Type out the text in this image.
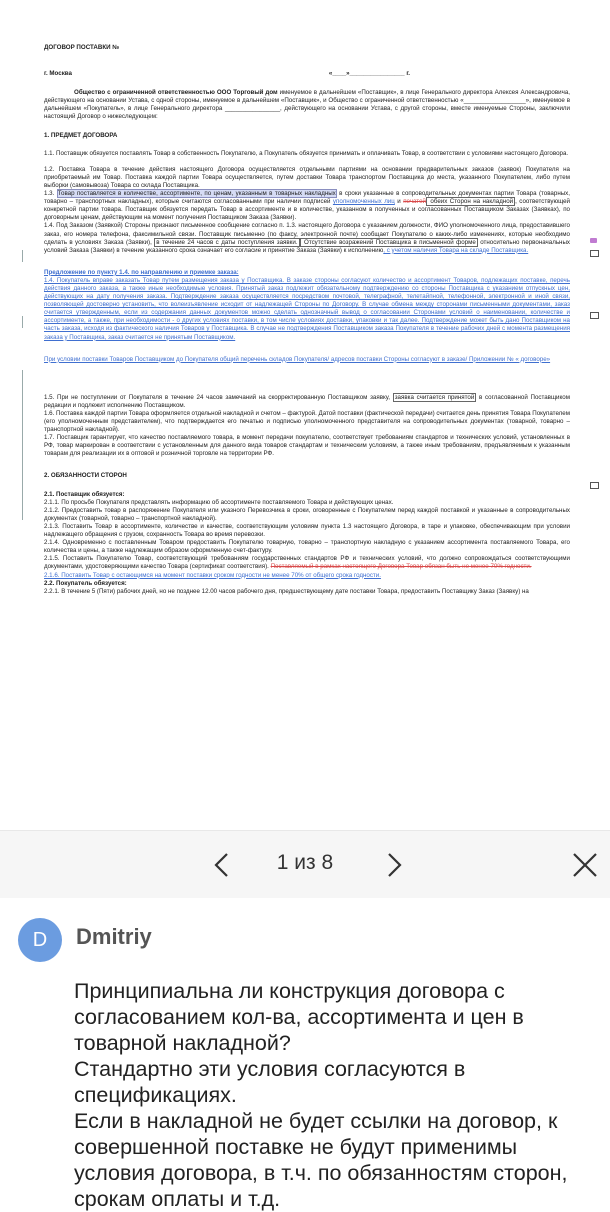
ДОГОВОР ПОСТАВКИ №

г. Москва	«____»________________ г.

Общество с ограниченной ответственностью ООО Торговый дом именуемое в дальнейшем «Поставщик», в лице Генерального директора Алексея Александровича, действующего на основании Устава, с одной стороны, именуемое в дальнейшем «Поставщик», и Общество с ограниченной ответственностью «__________________», именуемое в дальнейшем «Покупатель», в лице Генерального директора ________________, действующего на основании Устава, с другой стороны, вместе именуемые Стороны, заключили настоящий Договор о нижеследующем:

1. ПРЕДМЕТ ДОГОВОРА

1.1. Поставщик обязуется поставлять Товар в собственность Покупателю, а Покупатель обязуется принимать и оплачивать Товар, в соответствии с условиями настоящего Договора.

1.2. Поставка Товара в течение действия настоящего Договора осуществляется отдельными партиями на основании предварительных заказов (заявок) Покупателя на приобретаемый им Товар. Поставка каждой партии Товара осуществляется, путем доставки Товара транспортом Поставщика до места, указанного Покупателем, либо путем выборки (самовывоза) Товара со склада Поставщика.

1.3. Товар поставляется в количестве, ассортименте, по ценам, указанным в товарных накладных в сроки указанные в сопроводительных документах партии Товара (товарных, товарно – транспортных накладных), которые считаются согласованными при наличии подписей уполномоченных лиц и печатей обеих Сторон на накладной , соответствующей конкретной партии товара. Поставщик обязуется передать Товар в ассортименте и в количестве, указанном в полученных и согласованных Поставщиком Заказах (Заявках), по договорным ценам, действующим на момент получения Поставщиком Заказа (Заявки).

1.4. Под Заказом (Заявкой) Стороны признают письменное сообщение согласно п. 1.3. настоящего Договора с указанием должности, ФИО уполномоченного лица, предоставившего заказ, его номера телефона, факсимильной связи. Поставщик письменно (по факсу, электронной почте) сообщает Покупателю о каких-либо изменениях, которые необходимо сделать в условиях Заказа (Заявки), в течение 24 часов с даты поступления заявки. Отсутствие возражений Поставщика в письменной форме относительно первоначальных условий Заказа (Заявки) в течение указанного срока означает его согласие и принятие Заказа (Заявки) к исполнению, с учетом наличия Товара на складе Поставщика.

Предложение по пункту 1.4. по направлению и приемке заказа:

1.4. Покупатель вправе заказать Товар путем размещения заказа у Поставщика. В заказе стороны согласуют количество и ассортимент Товаров, подлежащих поставке, перечь действия данного заказа, а также иные необходимые условия. Принятый заказ подлежит обязательному подтверждению со стороны Поставщика с указанием отпускных цен, действующих на дату получения заказа. Подтверждение заказа осуществляется посредством почтовой, телеграфной, телетайпной, телефонной, электронной и иной связи, позволяющей достоверно установить, что волеизъявление исходит от надлежащей Стороны по Договору. В случае обмена между сторонами письменными документами, заказ считается утвержденным, если из содержания данных документов можно сделать однозначный вывод о согласовании Сторонами условий о наименовании, количестве и ассортименте, а также, при необходимости - о других условиях поставки, в том числе условиях доставки, упаковки и так далее. Подтверждение может быть дано Поставщиком на часть заказа, исходя из фактического наличия Товаров у Поставщика. В случае не подтверждения Поставщиком заказа Покупателя в течение рабочих дней с момента размещения заказа у Поставщика, заказ считается не принятым Поставщиком.

При условии поставки Товаров Поставщиком до Покупателя общий перечень складов Покупателя/ адресов поставки Стороны согласуют в заказе/ Приложении № « договоре»

1.5. При не поступлении от Покупателя в течение 24 часов замечаний на скорректированную Поставщиком заявку, заявка считается принятой в согласованной Поставщиком редакции и подлежит исполнению Поставщиком.

1.6. Поставка каждой партии Товара оформляется отдельной накладной и счетом – фактурой. Датой поставки (фактической передачи) считается день принятия Товара Покупателем (его уполномоченным представителем), что подтверждается его печатью и подписью уполномоченного представителя на сопроводительных документах (товарной, товарно – транспортной накладной).

1.7. Поставщик гарантирует, что качество поставляемого товара, в момент передачи покупателю, соответствует требованиям стандартов и технических условий, установленных в РФ, товар маркирован в соответствии с установленным для данного вида товаров стандартам и техническим условиям, а также иным требованиям, предъявляемым к указанным товарам для реализации их в оптовой и розничной торговле на территории РФ.

2. ОБЯЗАННОСТИ СТОРОН

2.1. Поставщик обязуется:

2.1.1. По просьбе Покупателя представлять информацию об ассортименте поставляемого Товара и действующих ценах.

2.1.2. Предоставить товар в распоряжение Покупателя или указного Перевозчика в сроки, оговоренные с Покупателем перед каждой поставкой и указанные в сопроводительных документах (товарной, товарно – транспортной накладной).

2.1.3. Поставить Товар в ассортименте, количестве и качестве, соответствующим условиям пункта 1.3 настоящего Договора, в таре и упаковке, обеспечивающим при условии надлежащего обращения с грузом, сохранность Товара во время перевозки.

2.1.4. Одновременно с поставленным Товаром предоставить Покупателю товарную, товарно – транспортную накладную с указанием ассортимента поставляемого Товара, его количества и цены, а также надлежащим образом оформленную счет-фактуру.

2.1.5. Поставить Покупателю Товар, соответствующий требованиям государственных стандартов РФ и технических условий, что должно сопровождаться соответствующими документами, удостоверяющими качество Товара (сертификат соответствия). Поставляемый в рамках настоящего Договора Товар обязан быть не менее 70% годности.

2.1.6. Поставить Товар с остающимся на момент поставки сроком годности не менее 70% от общего срока годности.

2.2. Покупатель обязуется:

2.2.1. В течение 5 (Пяти) рабочих дней, но не позднее 12.00 часов рабочего дня, предшествующему дате поставки Товара, предоставить Поставщику Заказ (Заявку) на

1 из 8
D	Dmitriy
Принципиальна ли конструкция договора с
согласованием кол-ва, ассортимента и цен в
товарной накладной?
Стандартно эти условия согласуются в
спецификациях.
Если в накладной не будет ссылки на договор, к
совершенной поставке не будут применимы
условия договора, в т.ч. по обязанностям сторон,
срокам оплаты и т.д.
